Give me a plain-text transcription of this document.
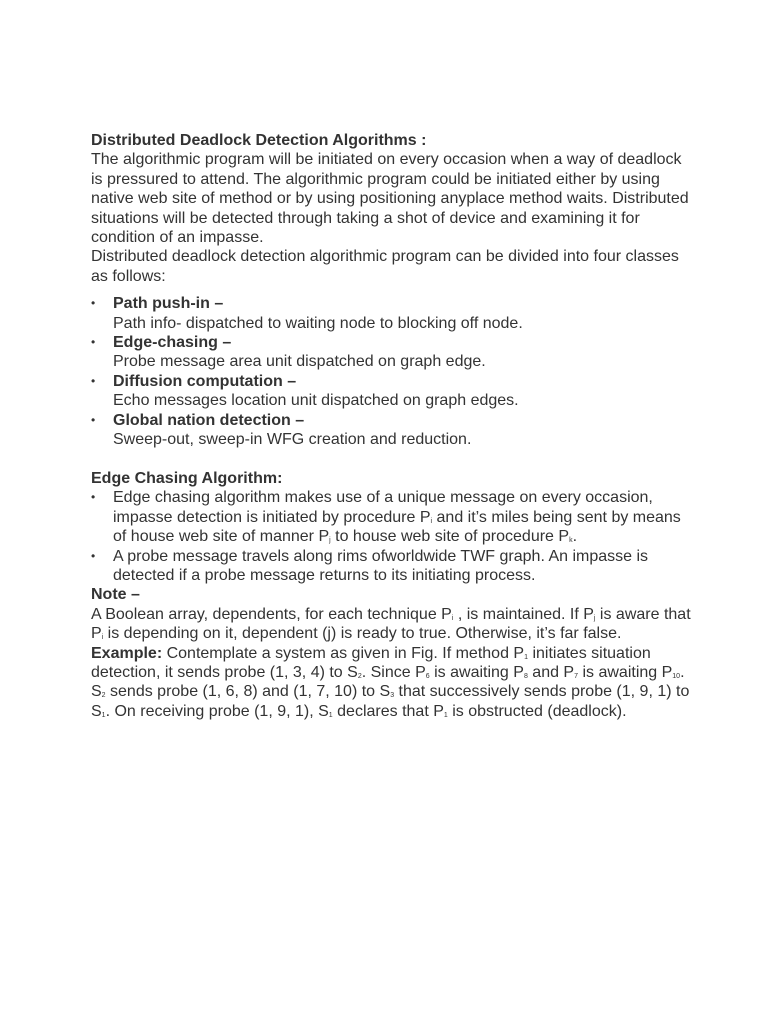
Distributed Deadlock Detection Algorithms :

The algorithmic program will be initiated on every occasion when a way of deadlock is pressured to attend. The algorithmic program could be initiated either by using native web site of method or by using positioning anyplace method waits. Distributed situations will be detected through taking a shot of device and examining it for condition of an impasse.

Distributed deadlock detection algorithmic program can be divided into four classes as follows:

• Path push-in –
Path info- dispatched to waiting node to blocking off node.
• Edge-chasing –
Probe message area unit dispatched on graph edge.
• Diffusion computation –
Echo messages location unit dispatched on graph edges.
• Global nation detection –
Sweep-out, sweep-in WFG creation and reduction.

Edge Chasing Algorithm:

• Edge chasing algorithm makes use of a unique message on every occasion, impasse detection is initiated by procedure $P_i$ and it’s miles being sent by means of house web site of manner $P_j$ to house web site of procedure $P_k$.
• A probe message travels along rims ofworldwide TWF graph. An impasse is detected if a probe message returns to its initiating process.

Note –

A Boolean array, dependents, for each technique $P_i$ , is maintained. If $P_j$ is aware that $P_i$ is depending on it, dependent (j) is ready to true. Otherwise, it’s far false.

Example: Contemplate a system as given in Fig. If method $P_1$ initiates situation detection, it sends probe (1, 3, 4) to $S_2$. Since $P_6$ is awaiting $P_8$ and $P_7$ is awaiting $P_{10}$. $S_2$ sends probe (1, 6, 8) and (1, 7, 10) to $S_3$ that successively sends probe (1, 9, 1) to $S_1$. On receiving probe (1, 9, 1), $S_1$ declares that $P_1$ is obstructed (deadlock).
